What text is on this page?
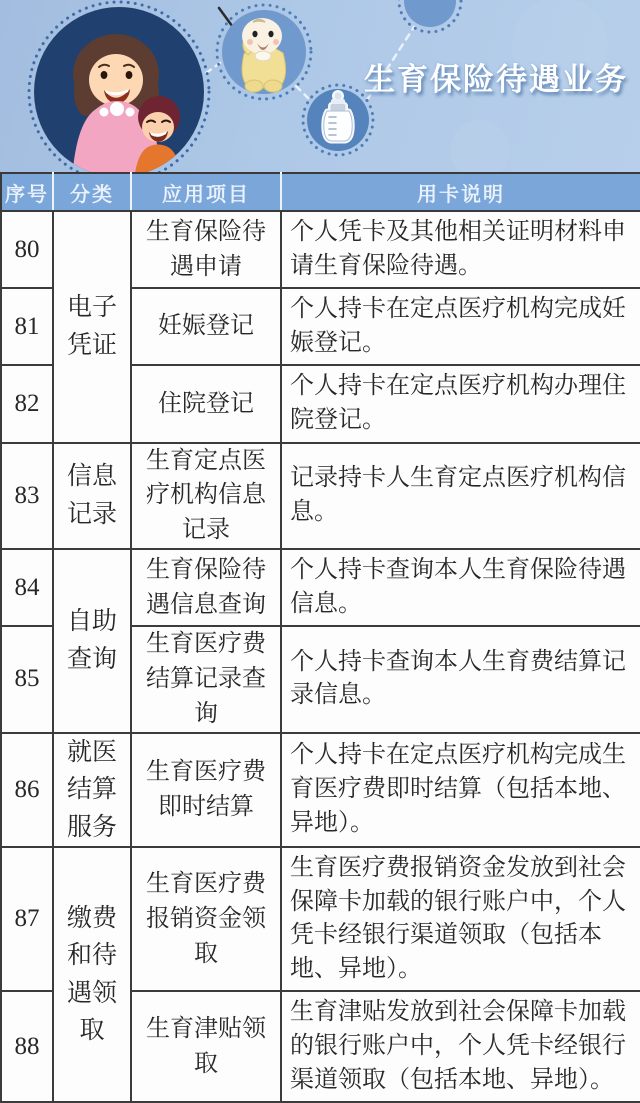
生育保险待遇业务
序号	分类	应用项目	用卡说明
80	电子凭证	生育保险待遇申请	个人凭卡及其他相关证明材料申请生育保险待遇。
81		妊娠登记	个人持卡在定点医疗机构完成妊娠登记。
82		住院登记	个人持卡在定点医疗机构办理住院登记。
83	信息记录	生育定点医疗机构信息记录	记录持卡人生育定点医疗机构信息。
84	自助查询	生育保险待遇信息查询	个人持卡查询本人生育保险待遇信息。
85		生育医疗费结算记录查询	个人持卡查询本人生育费结算记录信息。
86	就医结算服务	生育医疗费即时结算	个人持卡在定点医疗机构完成生育医疗费即时结算（包括本地、异地）。
87	缴费和待遇领取	生育医疗费报销资金领取	生育医疗费报销资金发放到社会保障卡加载的银行账户中，个人凭卡经银行渠道领取（包括本地、异地）。
88		生育津贴领取	生育津贴发放到社会保障卡加载的银行账户中，个人凭卡经银行渠道领取（包括本地、异地）。
